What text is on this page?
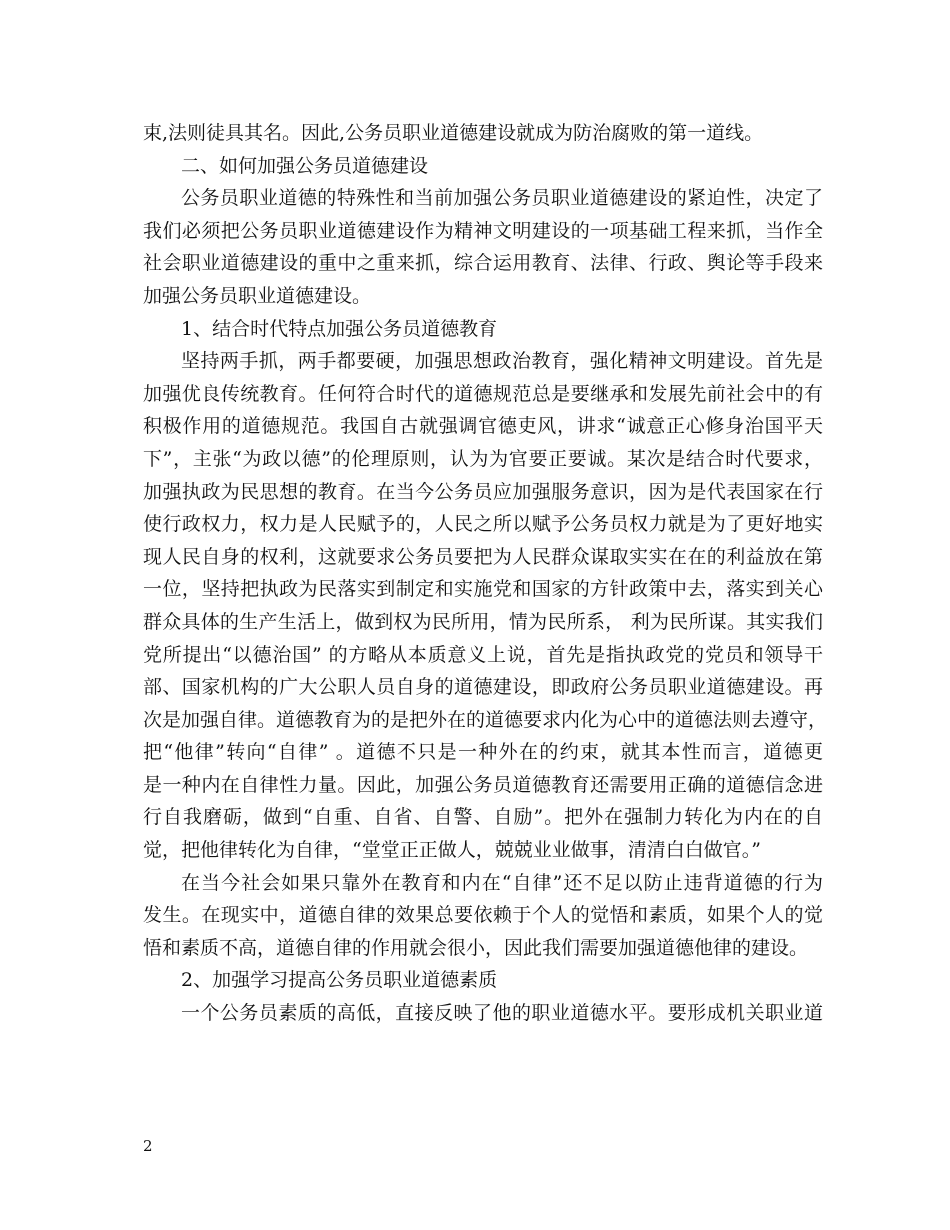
束,法则徒具其名。因此,公务员职业道德建设就成为防治腐败的第一道线。
二、如何加强公务员道德建设
公务员职业道德的特殊性和当前加强公务员职业道德建设的紧迫性，决定了
我们必须把公务员职业道德建设作为精神文明建设的一项基础工程来抓，当作全
社会职业道德建设的重中之重来抓，综合运用教育、法律、行政、舆论等手段来
加强公务员职业道德建设。
1、结合时代特点加强公务员道德教育
坚持两手抓，两手都要硬，加强思想政治教育，强化精神文明建设。首先是
加强优良传统教育。任何符合时代的道德规范总是要继承和发展先前社会中的有
积极作用的道德规范。我国自古就强调官德吏风，讲求“诚意正心修身治国平天
下”，主张“为政以德”的伦理原则，认为为官要正要诚。某次是结合时代要求，
加强执政为民思想的教育。在当今公务员应加强服务意识，因为是代表国家在行
使行政权力，权力是人民赋予的，人民之所以赋予公务员权力就是为了更好地实
现人民自身的权利，这就要求公务员要把为人民群众谋取实实在在的利益放在第
一位，坚持把执政为民落实到制定和实施党和国家的方针政策中去，落实到关心
群众具体的生产生活上，做到权为民所用，情为民所系， 利为民所谋。其实我们
党所提出“以德治国” 的方略从本质意义上说，首先是指执政党的党员和领导干
部、国家机构的广大公职人员自身的道德建设，即政府公务员职业道德建设。再
次是加强自律。道德教育为的是把外在的道德要求内化为心中的道德法则去遵守，
把“他律”转向“自律” 。道德不只是一种外在的约束，就其本性而言，道德更
是一种内在自律性力量。因此，加强公务员道德教育还需要用正确的道德信念进
行自我磨砺，做到“自重、自省、自警、自励”。把外在强制力转化为内在的自
觉，把他律转化为自律，“堂堂正正做人，兢兢业业做事，清清白白做官。”
在当今社会如果只靠外在教育和内在“自律”还不足以防止违背道德的行为
发生。在现实中，道德自律的效果总要依赖于个人的觉悟和素质，如果个人的觉
悟和素质不高，道德自律的作用就会很小，因此我们需要加强道德他律的建设。
2、加强学习提高公务员职业道德素质
一个公务员素质的高低，直接反映了他的职业道德水平。要形成机关职业道
2
